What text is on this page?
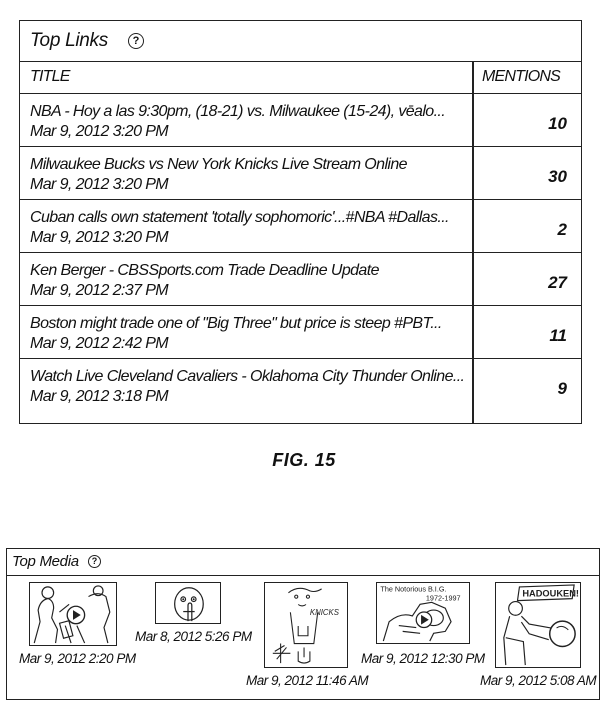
Top Links	?
TITLE	MENTIONS
NBA - Hoy a las 9:30pm, (18-21) vs. Milwaukee (15-24), vēalo...
Mar 9, 2012 3:20 PM	10
Milwaukee Bucks vs New York Knicks Live Stream Online
Mar 9, 2012 3:20 PM	30
Cuban calls own statement 'totally sophomoric'...#NBA #Dallas...
Mar 9, 2012 3:20 PM	2
Ken Berger - CBSSports.com Trade Deadline Update
Mar 9, 2012 2:37 PM	27
Boston might trade one of "Big Three" but price is steep #PBT...
Mar 9, 2012 2:42 PM	11
Watch Live Cleveland Cavaliers - Oklahoma City Thunder Online...
Mar 9, 2012 3:18 PM	9
FIG. 15
Top Media	?
Mar 9, 2012 2:20 PM
Mar 8, 2012 5:26 PM
KNICKS
Mar 9, 2012 11:46 AM
The Notorious B.I.G.
1972-1997
Mar 9, 2012 12:30 PM
HADOUKEN!
Mar 9, 2012 5:08 AM
